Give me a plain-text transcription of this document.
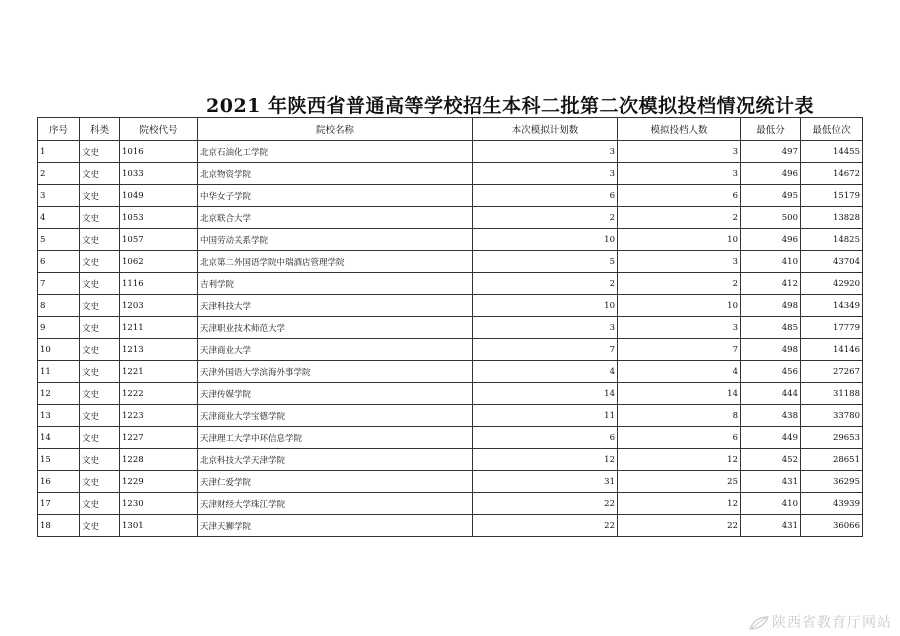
2021 年陕西省普通高等学校招生本科二批第二次模拟投档情况统计表
序号	科类	院校代号	院校名称	本次模拟计划数	模拟投档人数	最低分	最低位次
1	文史	1016	北京石油化工学院	3	3	497	14455
2	文史	1033	北京物资学院	3	3	496	14672
3	文史	1049	中华女子学院	6	6	495	15179
4	文史	1053	北京联合大学	2	2	500	13828
5	文史	1057	中国劳动关系学院	10	10	496	14825
6	文史	1062	北京第二外国语学院中瑞酒店管理学院	5	3	410	43704
7	文史	1116	吉利学院	2	2	412	42920
8	文史	1203	天津科技大学	10	10	498	14349
9	文史	1211	天津职业技术师范大学	3	3	485	17779
10	文史	1213	天津商业大学	7	7	498	14146
11	文史	1221	天津外国语大学滨海外事学院	4	4	456	27267
12	文史	1222	天津传媒学院	14	14	444	31188
13	文史	1223	天津商业大学宝德学院	11	8	438	33780
14	文史	1227	天津理工大学中环信息学院	6	6	449	29653
15	文史	1228	北京科技大学天津学院	12	12	452	28651
16	文史	1229	天津仁爱学院	31	25	431	36295
17	文史	1230	天津财经大学珠江学院	22	12	410	43939
18	文史	1301	天津天狮学院	22	22	431	36066
陕西省教育厅网站
